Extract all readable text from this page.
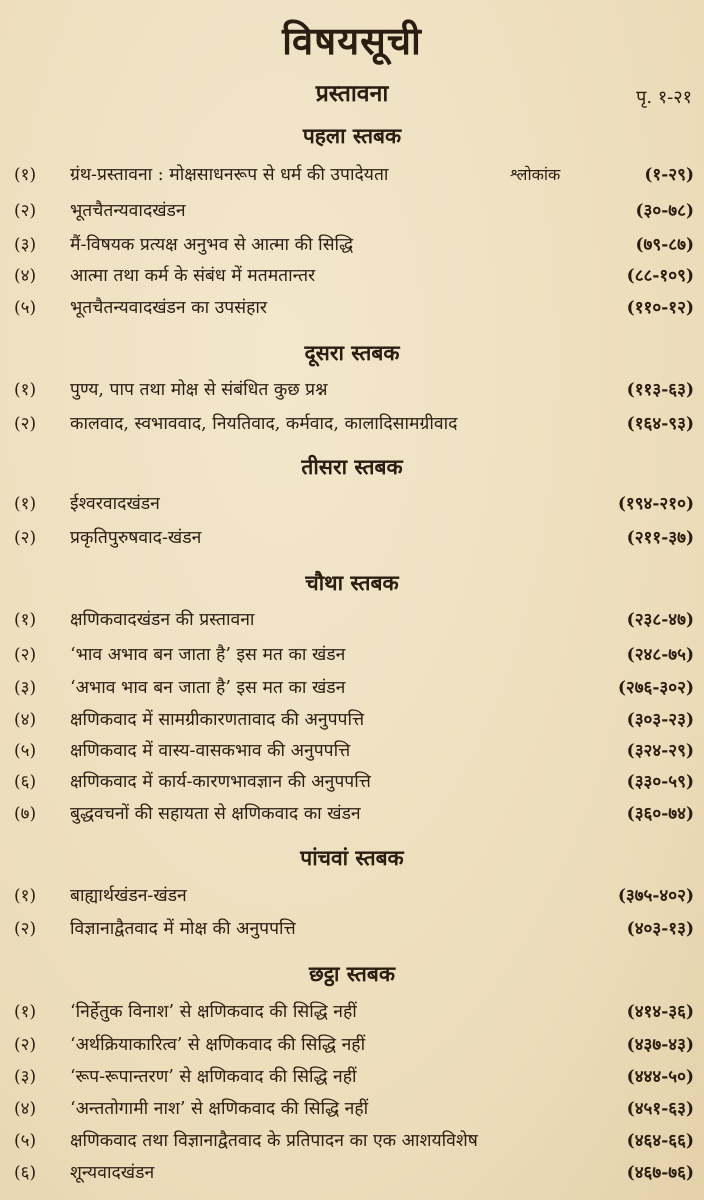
विषयसूची
प्रस्तावना	पृ. १-२१
पहला स्तबक
(१)	ग्रंथ-प्रस्तावना : मोक्षसाधनरूप से धर्म की उपादेयता	श्लोकांक	(१-२९)
(२)	भूतचैतन्यवादखंडन	(३०-७८)
(३)	मैं-विषयक प्रत्यक्ष अनुभव से आत्मा की सिद्धि	(७९-८७)
(४)	आत्मा तथा कर्म के संबंध में मतमतान्तर	(८८-१०९)
(५)	भूतचैतन्यवादखंडन का उपसंहार	(११०-१२)
दूसरा स्तबक
(१)	पुण्य, पाप तथा मोक्ष से संबंधित कुछ प्रश्न	(११३-६३)
(२)	कालवाद, स्वभाववाद, नियतिवाद, कर्मवाद, कालादिसामग्रीवाद	(१६४-९३)
तीसरा स्तबक
(१)	ईश्वरवादखंडन	(१९४-२१०)
(२)	प्रकृतिपुरुषवाद-खंडन	(२११-३७)
चौथा स्तबक
(१)	क्षणिकवादखंडन की प्रस्तावना	(२३८-४७)
(२)	‘भाव अभाव बन जाता है’ इस मत का खंडन	(२४८-७५)
(३)	‘अभाव भाव बन जाता है’ इस मत का खंडन	(२७६-३०२)
(४)	क्षणिकवाद में सामग्रीकारणतावाद की अनुपपत्ति	(३०३-२३)
(५)	क्षणिकवाद में वास्य-वासकभाव की अनुपपत्ति	(३२४-२९)
(६)	क्षणिकवाद में कार्य-कारणभावज्ञान की अनुपपत्ति	(३३०-५९)
(७)	बुद्धवचनों की सहायता से क्षणिकवाद का खंडन	(३६०-७४)
पांचवां स्तबक
(१)	बाह्यार्थखंडन-खंडन	(३७५-४०२)
(२)	विज्ञानाद्वैतवाद में मोक्ष की अनुपपत्ति	(४०३-१३)
छट्ठा स्तबक
(१)	‘निर्हेतुक विनाश’ से क्षणिकवाद की सिद्धि नहीं	(४१४-३६)
(२)	‘अर्थक्रियाकारित्व’ से क्षणिकवाद की सिद्धि नहीं	(४३७-४३)
(३)	‘रूप-रूपान्तरण’ से क्षणिकवाद की सिद्धि नहीं	(४४४-५०)
(४)	‘अन्ततोगामी नाश’ से क्षणिकवाद की सिद्धि नहीं	(४५१-६३)
(५)	क्षणिकवाद तथा विज्ञानाद्वैतवाद के प्रतिपादन का एक आशयविशेष	(४६४-६६)
(६)	शून्यवादखंडन	(४६७-७६)
